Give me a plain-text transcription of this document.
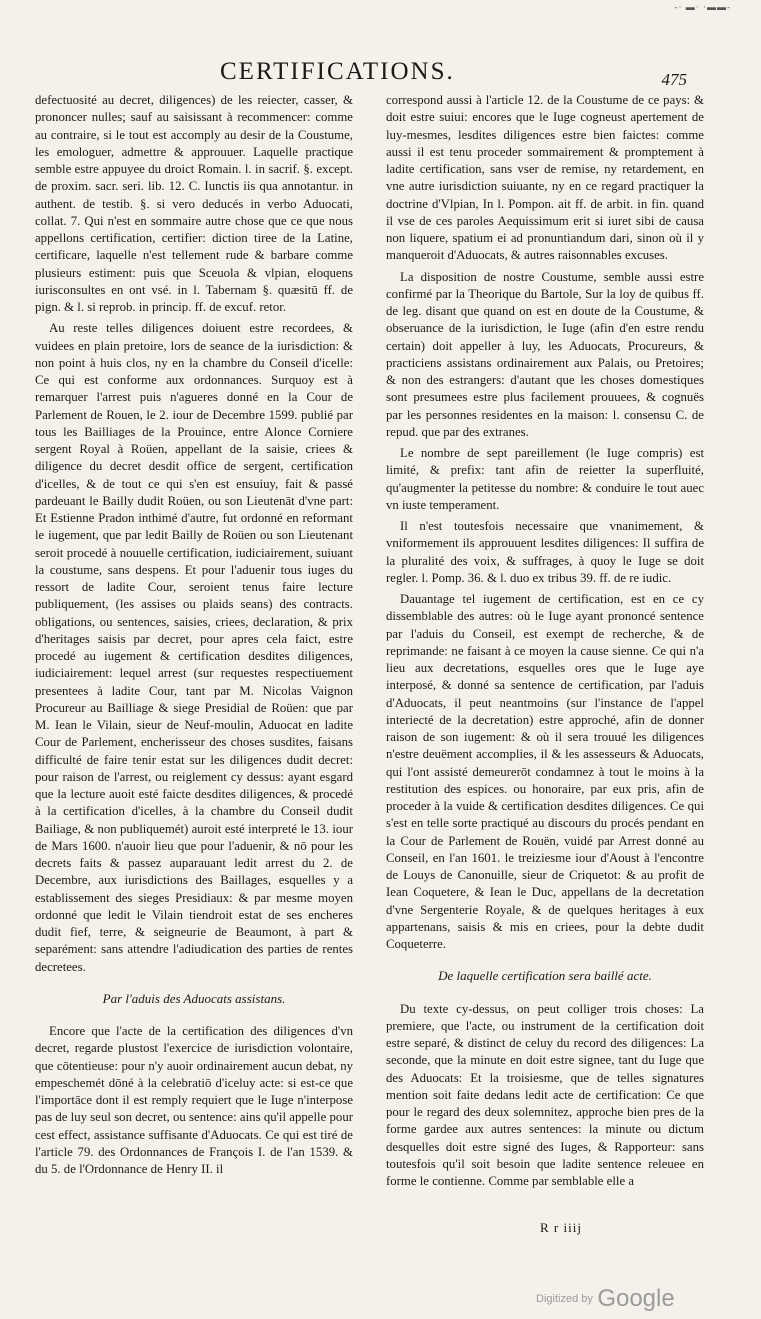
-· ▬· ·▬▬-
CERTIFICATIONS.	475

defectuosité au decret, diligences) de les reiecter, casser, & prononcer nulles; sauf au saisissant à recommencer: comme au contraire, si le tout est accomply au desir de la Coustume, les emologuer, admettre & approuuer. Laquelle practique semble estre appuyee du droict Romain. l. in sacrif. §. except. de proxim. sacr. seri. lib. 12. C. Iunctis iis qua annotantur. in authent. de testib. §. si vero deducés in verbo Aduocati, collat. 7. Qui n'est en sommaire autre chose que ce que nous appellons certification, certifier: diction tiree de la Latine, certificare, laquelle n'est tellement rude & barbare comme plusieurs estiment: puis que Sceuola & vlpian, eloquens iurisconsultes en ont vsé. in l. Tabernam §. quæsitū ff. de pign. & l. si reprob. in princip. ff. de excuf. retor.

Au reste telles diligences doiuent estre recordees, & vuidees en plain pretoire, lors de seance de la iurisdiction: & non point à huis clos, ny en la chambre du Conseil d'icelle: Ce qui est conforme aux ordonnances. Surquoy est à remarquer l'arrest puis n'agueres donné en la Cour de Parlement de Rouen, le 2. iour de Decembre 1599. publié par tous les Bailliages de la Prouince, entre Alonce Corniere sergent Royal à Roüen, appellant de la saisie, criees & diligence du decret desdit office de sergent, certification d'icelles, & de tout ce qui s'en est ensuiuy, fait & passé pardeuant le Bailly dudit Roüen, ou son Lieutenāt d'vne part: Et Estienne Pradon inthimé d'autre, fut ordonné en reformant le iugement, que par ledit Bailly de Roüen ou son Lieutenant seroit procedé à nouuelle certification, iudiciairement, suiuant la coustume, sans despens. Et pour l'aduenir tous iuges du ressort de ladite Cour, seroient tenus faire lecture publiquement, (les assises ou plaids seans) des contracts. obligations, ou sentences, saisies, criees, declaration, & prix d'heritages saisis par decret, pour apres cela faict, estre procedé au iugement & certification desdites diligences, iudiciairement: lequel arrest (sur requestes respectiuement presentees à ladite Cour, tant par M. Nicolas Vaignon Procureur au Bailliage & siege Presidial de Roüen: que par M. Iean le Vilain, sieur de Neuf-moulin, Aduocat en ladite Cour de Parlement, encherisseur des choses susdites, faisans difficulté de faire tenir estat sur les diligences dudit decret: pour raison de l'arrest, ou reiglement cy dessus: ayant esgard que la lecture auoit esté faicte desdites diligences, & procedé à la certification d'icelles, à la chambre du Conseil dudit Bailiage, & non publiquemét) auroit esté interpreté le 13. iour de Mars 1600. n'auoir lieu que pour l'aduenir, & nō pour les decrets faits & passez auparauant ledit arrest du 2. de Decembre, aux iurisdictions des Baillages, esquelles y a establissement des sieges Presidiaux: & par mesme moyen ordonné que ledit le Vilain tiendroit estat de ses encheres dudit fief, terre, & seigneurie de Beaumont, à part & separément: sans attendre l'adiudication des parties de rentes decretees.

Par l'aduis des Aduocats assistans.

Encore que l'acte de la certification des diligences d'vn decret, regarde plustost l'exercice de iurisdiction volontaire, que cōtentieuse: pour n'y auoir ordinairement aucun debat, ny empeschemét dōné à la celebratiō d'iceluy acte: si est-ce que l'importāce dont il est remply requiert que le Iuge n'interpose pas de luy seul son decret, ou sentence: ains qu'il appelle pour cest effect, assistance suffisante d'Aduocats. Ce qui est tiré de l'article 79. des Ordonnances de François I. de l'an 1539. & du 5. de l'Ordonnance de Henry II. il

correspond aussi à l'article 12. de la Coustume de ce pays: & doit estre suiui: encores que le Iuge cogneust apertement de luy-mesmes, lesdites diligences estre bien faictes: comme aussi il est tenu proceder sommairement & promptement à ladite certification, sans vser de remise, ny retardement, en vne autre iurisdiction suiuante, ny en ce regard practiquer la doctrine d'Vlpian, In l. Pompon. ait ff. de arbit. in fin. quand il vse de ces paroles Aequissimum erit si iuret sibi de causa non liquere, spatium ei ad pronuntiandum dari, sinon où il y manqueroit d'Aduocats, & autres raisonnables excuses.

La disposition de nostre Coustume, semble aussi estre confirmé par la Theorique du Bartole, Sur la loy de quibus ff. de leg. disant que quand on est en doute de la Coustume, & obseruance de la iurisdiction, le Iuge (afin d'en estre rendu certain) doit appeller à luy, les Aduocats, Procureurs, & practiciens assistans ordinairement aux Palais, ou Pretoires; & non des estrangers: d'autant que les choses domestiques sont presumees estre plus facilement prouuees, & cognuës par les personnes residentes en la maison: l. consensu C. de repud. que par des extranes.

Le nombre de sept pareillement (le Iuge compris) est limité, & prefix: tant afin de reietter la superfluité, qu'augmenter la petitesse du nombre: & conduire le tout auec vn iuste temperament.

Il n'est toutesfois necessaire que vnanimement, & vniformement ils approuuent lesdites diligences: Il suffira de la pluralité des voix, & suffrages, à quoy le Iuge se doit regler. l. Pomp. 36. & l. duo ex tribus 39. ff. de re iudic.

Dauantage tel iugement de certification, est en ce cy dissemblable des autres: où le Iuge ayant prononcé sentence par l'aduis du Conseil, est exempt de recherche, & de reprimande: ne faisant à ce moyen la cause sienne. Ce qui n'a lieu aux decretations, esquelles ores que le Iuge aye interposé, & donné sa sentence de certification, par l'aduis d'Aduocats, il peut neantmoins (sur l'instance de l'appel interiecté de la decretation) estre approché, afin de donner raison de son iugement: & où il sera trouué les diligences n'estre deuëment accomplies, il & les assesseurs & Aduocats, qui l'ont assisté demeurerōt condamnez à tout le moins à la restitution des espices. ou honoraire, par eux pris, afin de proceder à la vuide & certification desdites diligences. Ce qui s'est en telle sorte practiqué au discours du procés pendant en la Cour de Parlement de Rouën, vuidé par Arrest donné au Conseil, en l'an 1601. le treiziesme iour d'Aoust à l'encontre de Louys de Canonuille, sieur de Criquetot: & au profit de Iean Coquetere, & Iean le Duc, appellans de la decretation d'vne Sergenterie Royale, & de quelques heritages à eux appartenans, saisis & mis en criees, pour la debte dudit Coqueterre.

De laquelle certification sera baillé acte.

Du texte cy-dessus, on peut colliger trois choses: La premiere, que l'acte, ou instrument de la certification doit estre separé, & distinct de celuy du record des diligences: La seconde, que la minute en doit estre signee, tant du Iuge que des Aduocats: Et la troisiesme, que de telles signatures mention soit faite dedans ledit acte de certification: Ce que pour le regard des deux solemnitez, approche bien pres de la forme gardee aux autres sentences: la minute ou dictum desquelles doit estre signé des Iuges, & Rapporteur: sans toutesfois qu'il soit besoin que ladite sentence releuee en forme le contienne. Comme par semblable elle a

R r iiij
Digitized by Google
